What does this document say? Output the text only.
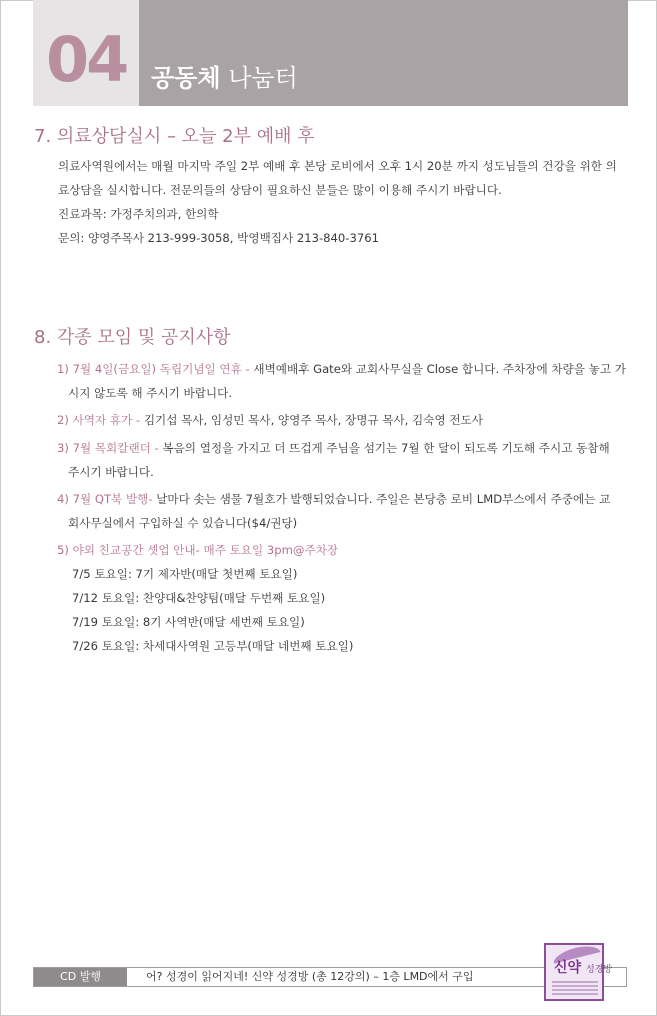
04 공동체 나눔터
7. 의료상담실시 – 오늘 2부 예배 후
의료사역원에서는 매월 마지막 주일 2부 예배 후 본당 로비에서 오후 1시 20분 까지 성도님들의 건강을 위한 의
료상담을 실시합니다. 전문의들의 상담이 필요하신 분들은 많이 이용해 주시기 바랍니다.
진료과목: 가정주치의과, 한의학
문의: 양영주목사 213-999-3058, 박영백집사 213-840-3761
8. 각종 모임 및 공지사항
1) 7월 4일(금요일) 독립기념일 연휴 - 새벽예배후 Gate와 교회사무실을 Close 합니다. 주차장에 차량을 놓고 가
시지 않도록 해 주시기 바랍니다.
2) 사역자 휴가 - 김기섭 목사, 임성민 목사, 양영주 목사, 장명규 목사, 김숙영 전도사
3) 7월 목회칼랜더 - 복음의 열정을 가지고 더 뜨겁게 주님을 섬기는 7월 한 달이 되도록 기도해 주시고 동참해
주시기 바랍니다.
4) 7월 QT북 발행- 날마다 솟는 샘물 7월호가 발행되었습니다. 주일은 본당층 로비 LMD부스에서 주중에는 교
회사무실에서 구입하실 수 있습니다($4/권당)
5) 야외 친교공간 셋업 안내- 매주 토요일 3pm@주차장
7/5 토요일: 7기 제자반(매달 첫번째 토요일)
7/12 토요일: 찬양대&찬양팀(매달 두번째 토요일)
7/19 토요일: 8기 사역반(매달 세번째 토요일)
7/26 토요일: 차세대사역원 고등부(매달 네번째 토요일)
CD 발행	어? 성경이 읽어지네! 신약 성경방 (총 12강의) – 1층 LMD에서 구입
신약 성경방
